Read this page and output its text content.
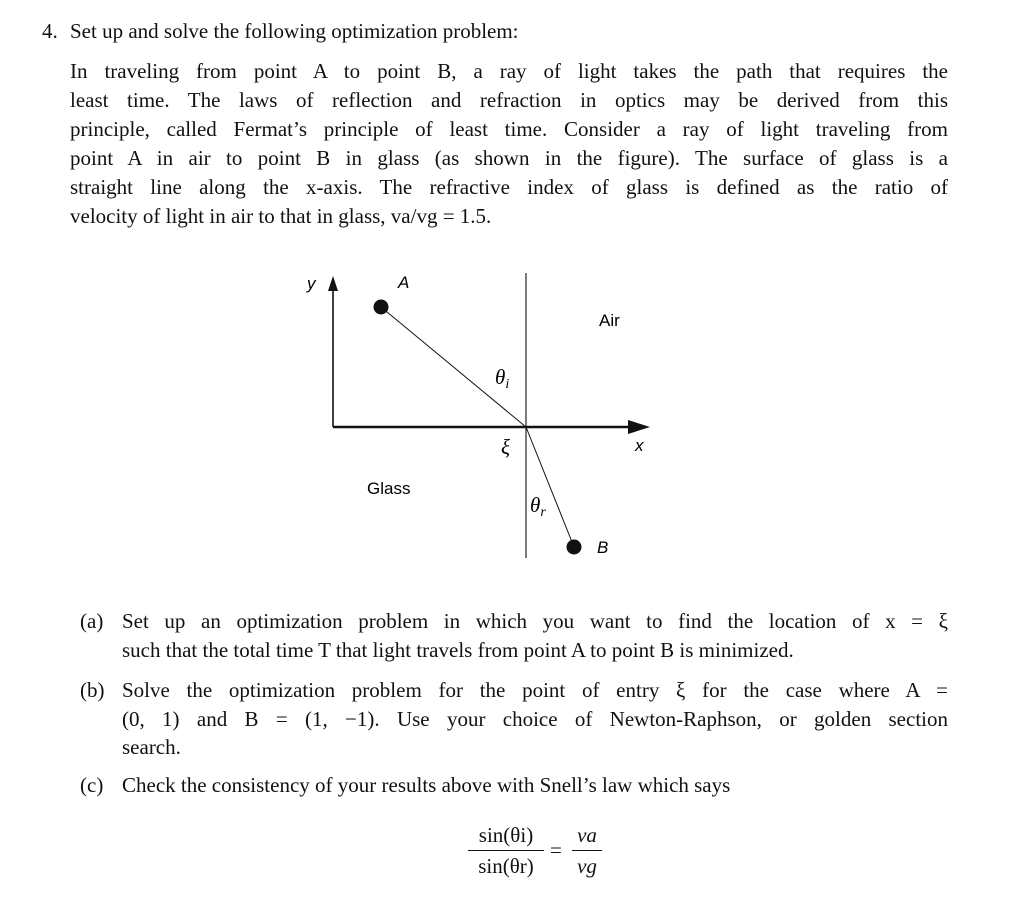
4. Set up and solve the following optimization problem:
In traveling from point A to point B, a ray of light takes the path that requires the
least time. The laws of reflection and refraction in optics may be derived from this
principle, called Fermat’s principle of least time. Consider a ray of light traveling from
point A in air to point B in glass (as shown in the figure). The surface of glass is a
straight line along the x-axis. The refractive index of glass is defined as the ratio of
velocity of light in air to that in glass, va/vg = 1.5.
y	A
Air
θi
ξ	x
Glass
θr
B
(a) Set up an optimization problem in which you want to find the location of x = ξ
such that the total time T that light travels from point A to point B is minimized.
(b) Solve the optimization problem for the point of entry ξ for the case where A =
(0, 1) and B = (1, −1). Use your choice of Newton-Raphson, or golden section
search.
(c) Check the consistency of your results above with Snell’s law which says
sin(θi)
sin(θr)
=
va
vg
